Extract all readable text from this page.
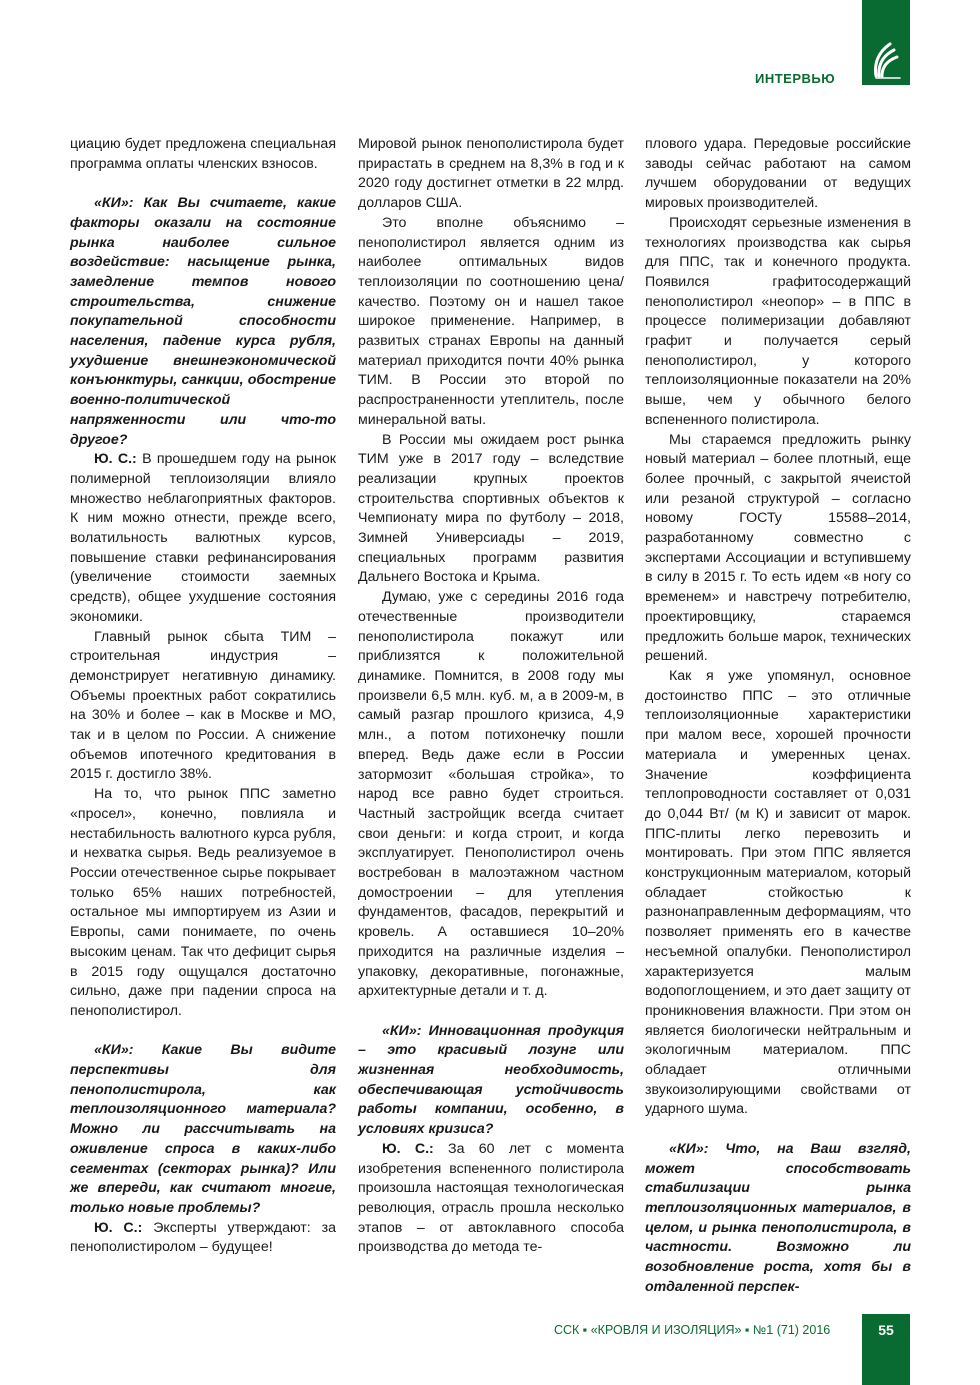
ИНТЕРВЬЮ

циацию будет предложена специальная программа оплаты членских взносов.

«КИ»: Как Вы считаете, какие факторы оказали на состояние рынка наиболее сильное воздействие: насыщение рынка, замедление темпов нового строительства, снижение покупательной способности населения, падение курса рубля, ухудшение внешнеэкономической конъюнктуры, санкции, обострение военно-политической напряженности или что-то другое?

Ю. С.: В прошедшем году на рынок полимерной теплоизоляции влияло множество неблагоприятных факторов. К ним можно отнести, прежде всего, волатильность валютных курсов, повышение ставки рефинансирования (увеличение стоимости заемных средств), общее ухудшение состояния экономики.

Главный рынок сбыта ТИМ – строительная индустрия – демонстрирует негативную динамику. Объемы проектных работ сократились на 30% и более – как в Москве и МО, так и в целом по России. А снижение объемов ипотечного кредитования в 2015 г. достигло 38%.

На то, что рынок ППС заметно «просел», конечно, повлияла и нестабильность валютного курса рубля, и нехватка сырья. Ведь реализуемое в России отечественное сырье покрывает только 65% наших потребностей, остальное мы импортируем из Азии и Европы, сами понимаете, по очень высоким ценам. Так что дефицит сырья в 2015 году ощущался достаточно сильно, даже при падении спроса на пенополистирол.

«КИ»: Какие Вы видите перспективы для пенополистирола, как теплоизоляционного материала? Можно ли рассчитывать на оживление спроса в каких-либо сегментах (секторах рынка)? Или же впереди, как считают многие, только новые проблемы?

Ю. С.: Эксперты утверждают: за пенополистиролом – будущее!

Мировой рынок пенополистирола будет прирастать в среднем на 8,3% в год и к 2020 году достигнет отметки в 22 млрд. долларов США.

Это вполне объяснимо – пенополистирол является одним из наиболее оптимальных видов теплоизоляции по соотношению цена/качество. Поэтому он и нашел такое широкое применение. Например, в развитых странах Европы на данный материал приходится почти 40% рынка ТИМ. В России это второй по распространенности утеплитель, после минеральной ваты.

В России мы ожидаем рост рынка ТИМ уже в 2017 году – вследствие реализации крупных проектов строительства спортивных объектов к Чемпионату мира по футболу – 2018, Зимней Универсиады – 2019, специальных программ развития Дальнего Востока и Крыма.

Думаю, уже с середины 2016 года отечественные производители пенополистирола покажут или приблизятся к положительной динамике. Помнится, в 2008 году мы произвели 6,5 млн. куб. м, а в 2009-м, в самый разгар прошлого кризиса, 4,9 млн., а потом потихонечку пошли вперед. Ведь даже если в России затормозит «большая стройка», то народ все равно будет строиться. Частный застройщик всегда считает свои деньги: и когда строит, и когда эксплуатирует. Пенополистирол очень востребован в малоэтажном частном домостроении – для утепления фундаментов, фасадов, перекрытий и кровель. А оставшиеся 10–20% приходится на различные изделия – упаковку, декоративные, погонажные, архитектурные детали и т. д.

«КИ»: Инновационная продукция – это красивый лозунг или жизненная необходимость, обеспечивающая устойчивость работы компании, особенно, в условиях кризиса?

Ю. С.: За 60 лет с момента изобретения вспененного полистирола произошла настоящая технологическая революция, отрасль прошла несколько этапов – от автоклавного способа производства до метода те-

плового удара. Передовые российские заводы сейчас работают на самом лучшем оборудовании от ведущих мировых производителей.

Происходят серьезные изменения в технологиях производства как сырья для ППС, так и конечного продукта. Появился графитосодержащий пенополистирол «неопор» – в ППС в процессе полимеризации добавляют графит и получается серый пенополистирол, у которого теплоизоляционные показатели на 20% выше, чем у обычного белого вспененного полистирола.

Мы стараемся предложить рынку новый материал – более плотный, еще более прочный, с закрытой ячеистой или резаной структурой – согласно новому ГОСТу 15588–2014, разработанному совместно с экспертами Ассоциации и вступившему в силу в 2015 г. То есть идем «в ногу со временем» и навстречу потребителю, проектировщику, стараемся предложить больше марок, технических решений.

Как я уже упомянул, основное достоинство ППС – это отличные теплоизоляционные характеристики при малом весе, хорошей прочности материала и умеренных ценах. Значение коэффициента теплопроводности составляет от 0,031 до 0,044 Вт/ (м К) и зависит от марок. ППС-плиты легко перевозить и монтировать. При этом ППС является конструкционным материалом, который обладает стойкостью к разнонаправленным деформациям, что позволяет применять его в качестве несъемной опалубки. Пенополистирол характеризуется малым водопоглощением, и это дает защиту от проникновения влажности. При этом он является биологически нейтральным и экологичным материалом. ППС обладает отличными звукоизолирующими свойствами от ударного шума.

«КИ»: Что, на Ваш взгляд, может способствовать стабилизации рынка теплоизоляционных материалов, в целом, и рынка пенополистирола, в частности. Возможно ли возобновление роста, хотя бы в отдаленной перспек-

ССК ▪ «КРОВЛЯ И ИЗОЛЯЦИЯ» ▪ №1 (71) 2016	55
